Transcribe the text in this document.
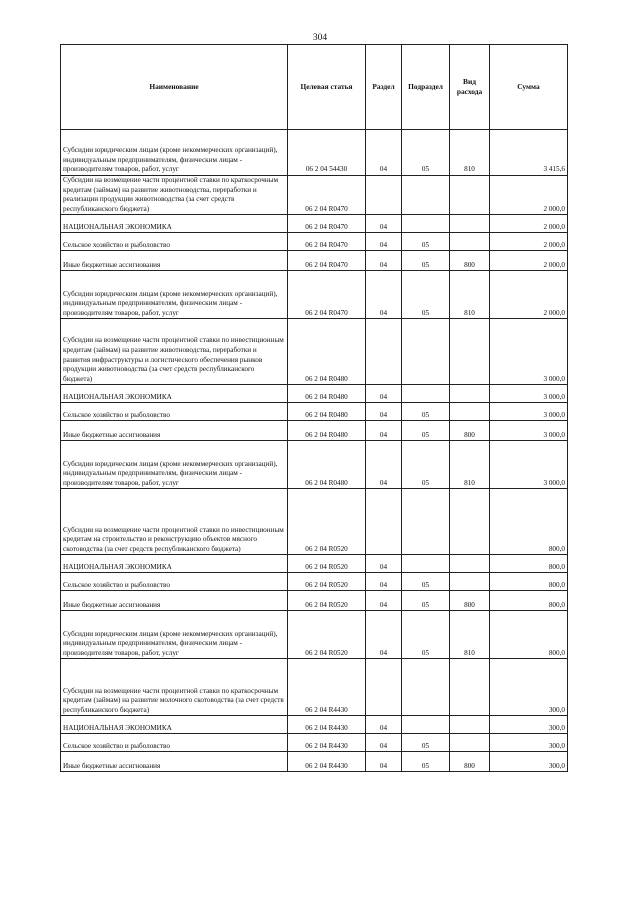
304
Наименование	Целевая статья	Раздел	Подраздел	Вид расхода	Сумма
Субсидии юридическим лицам (кроме некоммерческих организаций), индивидуальным предпринимателям, физическим лицам - производителям товаров, работ, услуг	06 2 04 54430	04	05	810	3 415,6
Субсидии на возмещение части процентной ставки по краткосрочным кредитам (займам) на развитие животноводства, переработки и реализации продукции животноводства (за счет средств республиканского бюджета)	06 2 04 R0470				2 000,0
НАЦИОНАЛЬНАЯ ЭКОНОМИКА	06 2 04 R0470	04			2 000,0
Сельское хозяйство и рыболовство	06 2 04 R0470	04	05		2 000,0
Иные бюджетные ассигнования	06 2 04 R0470	04	05	800	2 000,0
Субсидии юридическим лицам (кроме некоммерческих организаций), индивидуальным предпринимателям, физическим лицам - производителям товаров, работ, услуг	06 2 04 R0470	04	05	810	2 000,0
Субсидии на возмещение части процентной ставки по инвестиционным кредитам (займам) на развитие животноводства, переработки и развития инфраструктуры и логистического обеспечения рынков продукции животноводства (за счет средств республиканского бюджета)	06 2 04 R0480				3 000,0
НАЦИОНАЛЬНАЯ ЭКОНОМИКА	06 2 04 R0480	04			3 000,0
Сельское хозяйство и рыболовство	06 2 04 R0480	04	05		3 000,0
Иные бюджетные ассигнования	06 2 04 R0480	04	05	800	3 000,0
Субсидии юридическим лицам (кроме некоммерческих организаций), индивидуальным предпринимателям, физическим лицам - производителям товаров, работ, услуг	06 2 04 R0480	04	05	810	3 000,0
Субсидии на возмещение части процентной ставки по инвестиционным кредитам на строительство и реконструкцию объектов мясного скотоводства (за счет средств республиканского бюджета)	06 2 04 R0520				800,0
НАЦИОНАЛЬНАЯ ЭКОНОМИКА	06 2 04 R0520	04			800,0
Сельское хозяйство и рыболовство	06 2 04 R0520	04	05		800,0
Иные бюджетные ассигнования	06 2 04 R0520	04	05	800	800,0
Субсидии юридическим лицам (кроме некоммерческих организаций), индивидуальным предпринимателям, физическим лицам - производителям товаров, работ, услуг	06 2 04 R0520	04	05	810	800,0
Субсидии на возмещение части процентной ставки по краткосрочным кредитам (займам) на развитие молочного скотоводства (за счет средств республиканского бюджета)	06 2 04 R4430				300,0
НАЦИОНАЛЬНАЯ ЭКОНОМИКА	06 2 04 R4430	04			300,0
Сельское хозяйство и рыболовство	06 2 04 R4430	04	05		300,0
Иные бюджетные ассигнования	06 2 04 R4430	04	05	800	300,0
